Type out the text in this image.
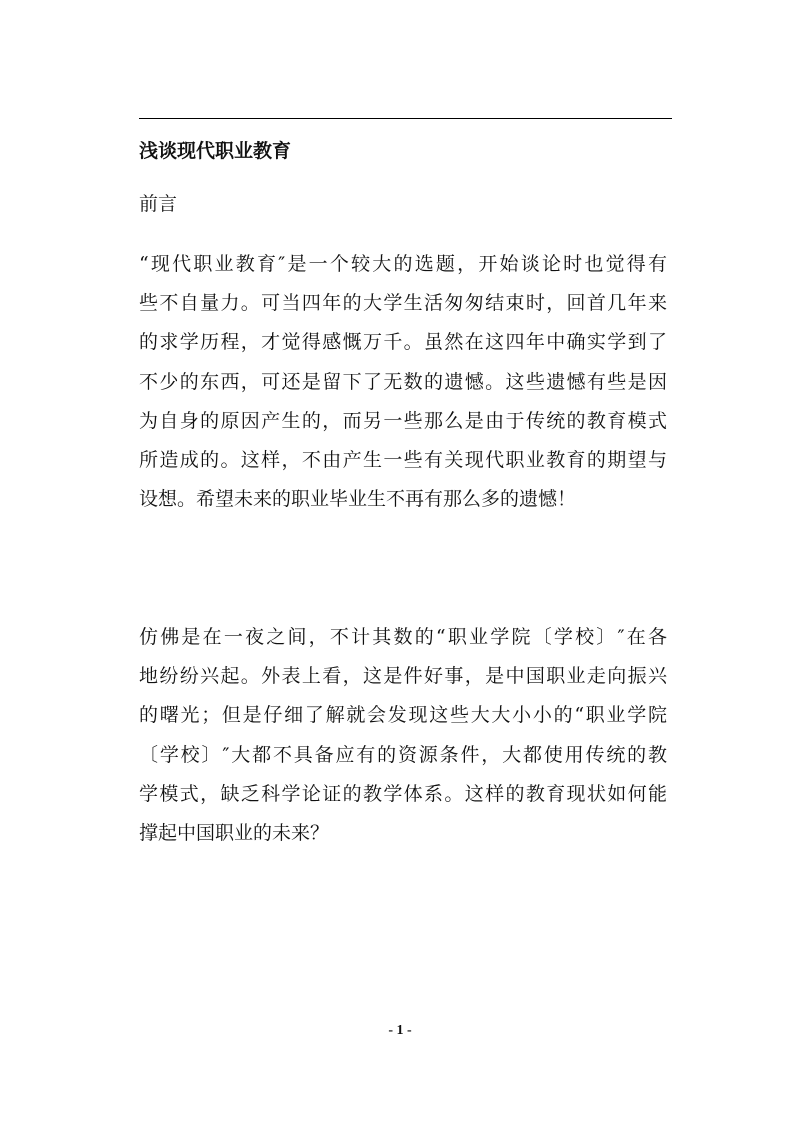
浅谈现代职业教育
前言
“现代职业教育″是一个较大的选题，开始谈论时也觉得有
些不自量力。可当四年的大学生活匆匆结束时，回首几年来
的求学历程，才觉得感慨万千。虽然在这四年中确实学到了
不少的东西，可还是留下了无数的遗憾。这些遗憾有些是因
为自身的原因产生的，而另一些那么是由于传统的教育模式
所造成的。这样，不由产生一些有关现代职业教育的期望与
设想。希望未来的职业毕业生不再有那么多的遗憾！
仿佛是在一夜之间，不计其数的“职业学院〔学校〕″在各
地纷纷兴起。外表上看，这是件好事，是中国职业走向振兴
的曙光；但是仔细了解就会发现这些大大小小的“职业学院
〔学校〕″大都不具备应有的资源条件，大都使用传统的教
学模式，缺乏科学论证的教学体系。这样的教育现状如何能
撑起中国职业的未来？
- 1 -
